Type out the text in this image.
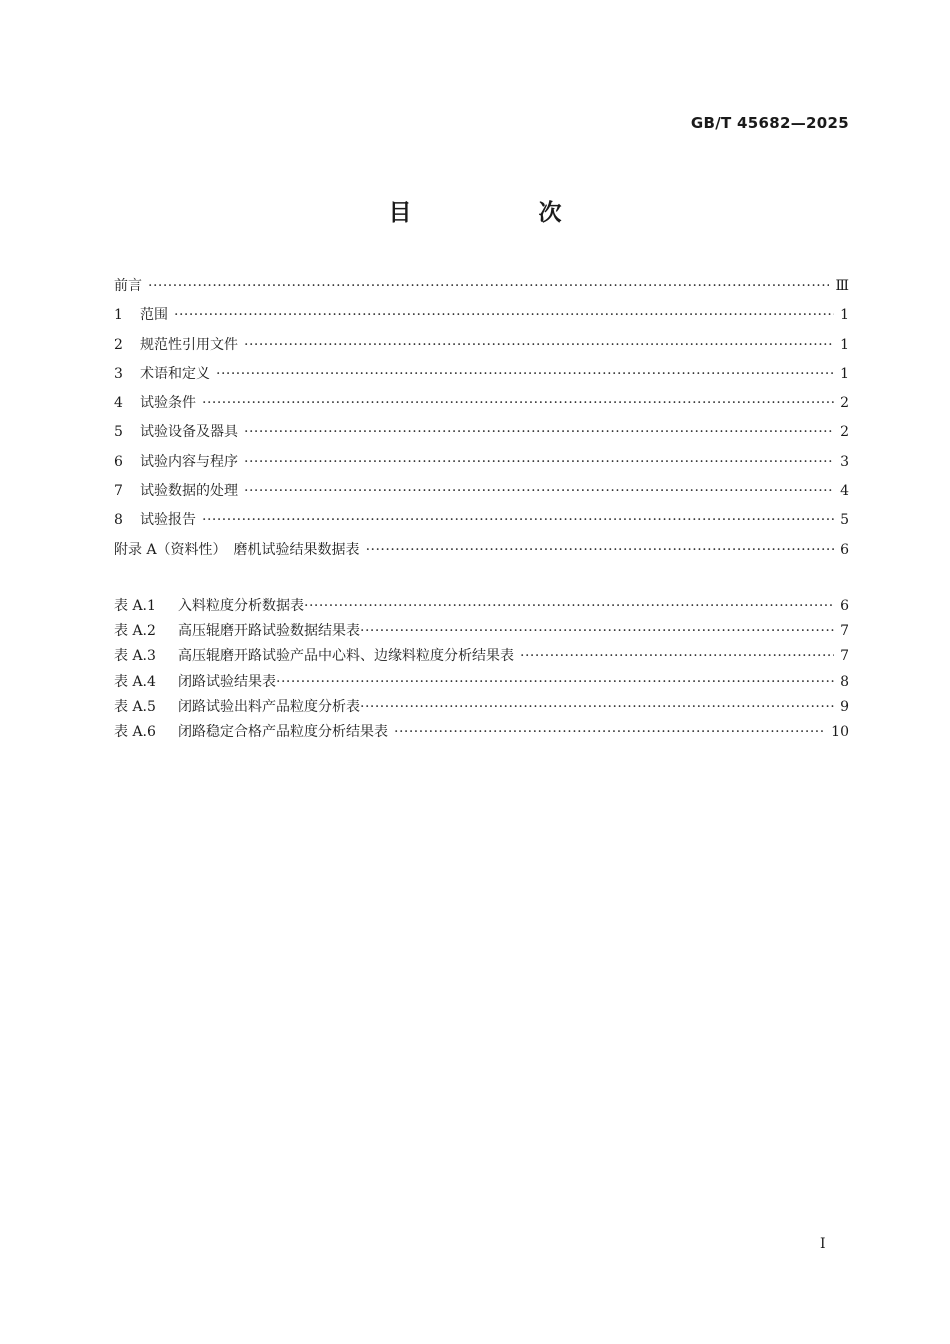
GB/T 45682—2025
目　次
前言 ·····	Ⅲ
1	范围 ·····	1
2	规范性引用文件 ·····	1
3	术语和定义 ·····	1
4	试验条件 ·····	2
5	试验设备及器具 ·····	2
6	试验内容与程序 ·····	3
7	试验数据的处理 ·····	4
8	试验报告 ·····	5
附录 A（资料性）　磨机试验结果数据表 ·····	6
表 A.1	入料粒度分析数据表 ·····	6
表 A.2	高压辊磨开路试验数据结果表 ·····	7
表 A.3	高压辊磨开路试验产品中心料、边缘料粒度分析结果表 ·····	7
表 A.4	闭路试验结果表 ·····	8
表 A.5	闭路试验出料产品粒度分析表 ·····	9
表 A.6	闭路稳定合格产品粒度分析结果表 ·····	10
I
